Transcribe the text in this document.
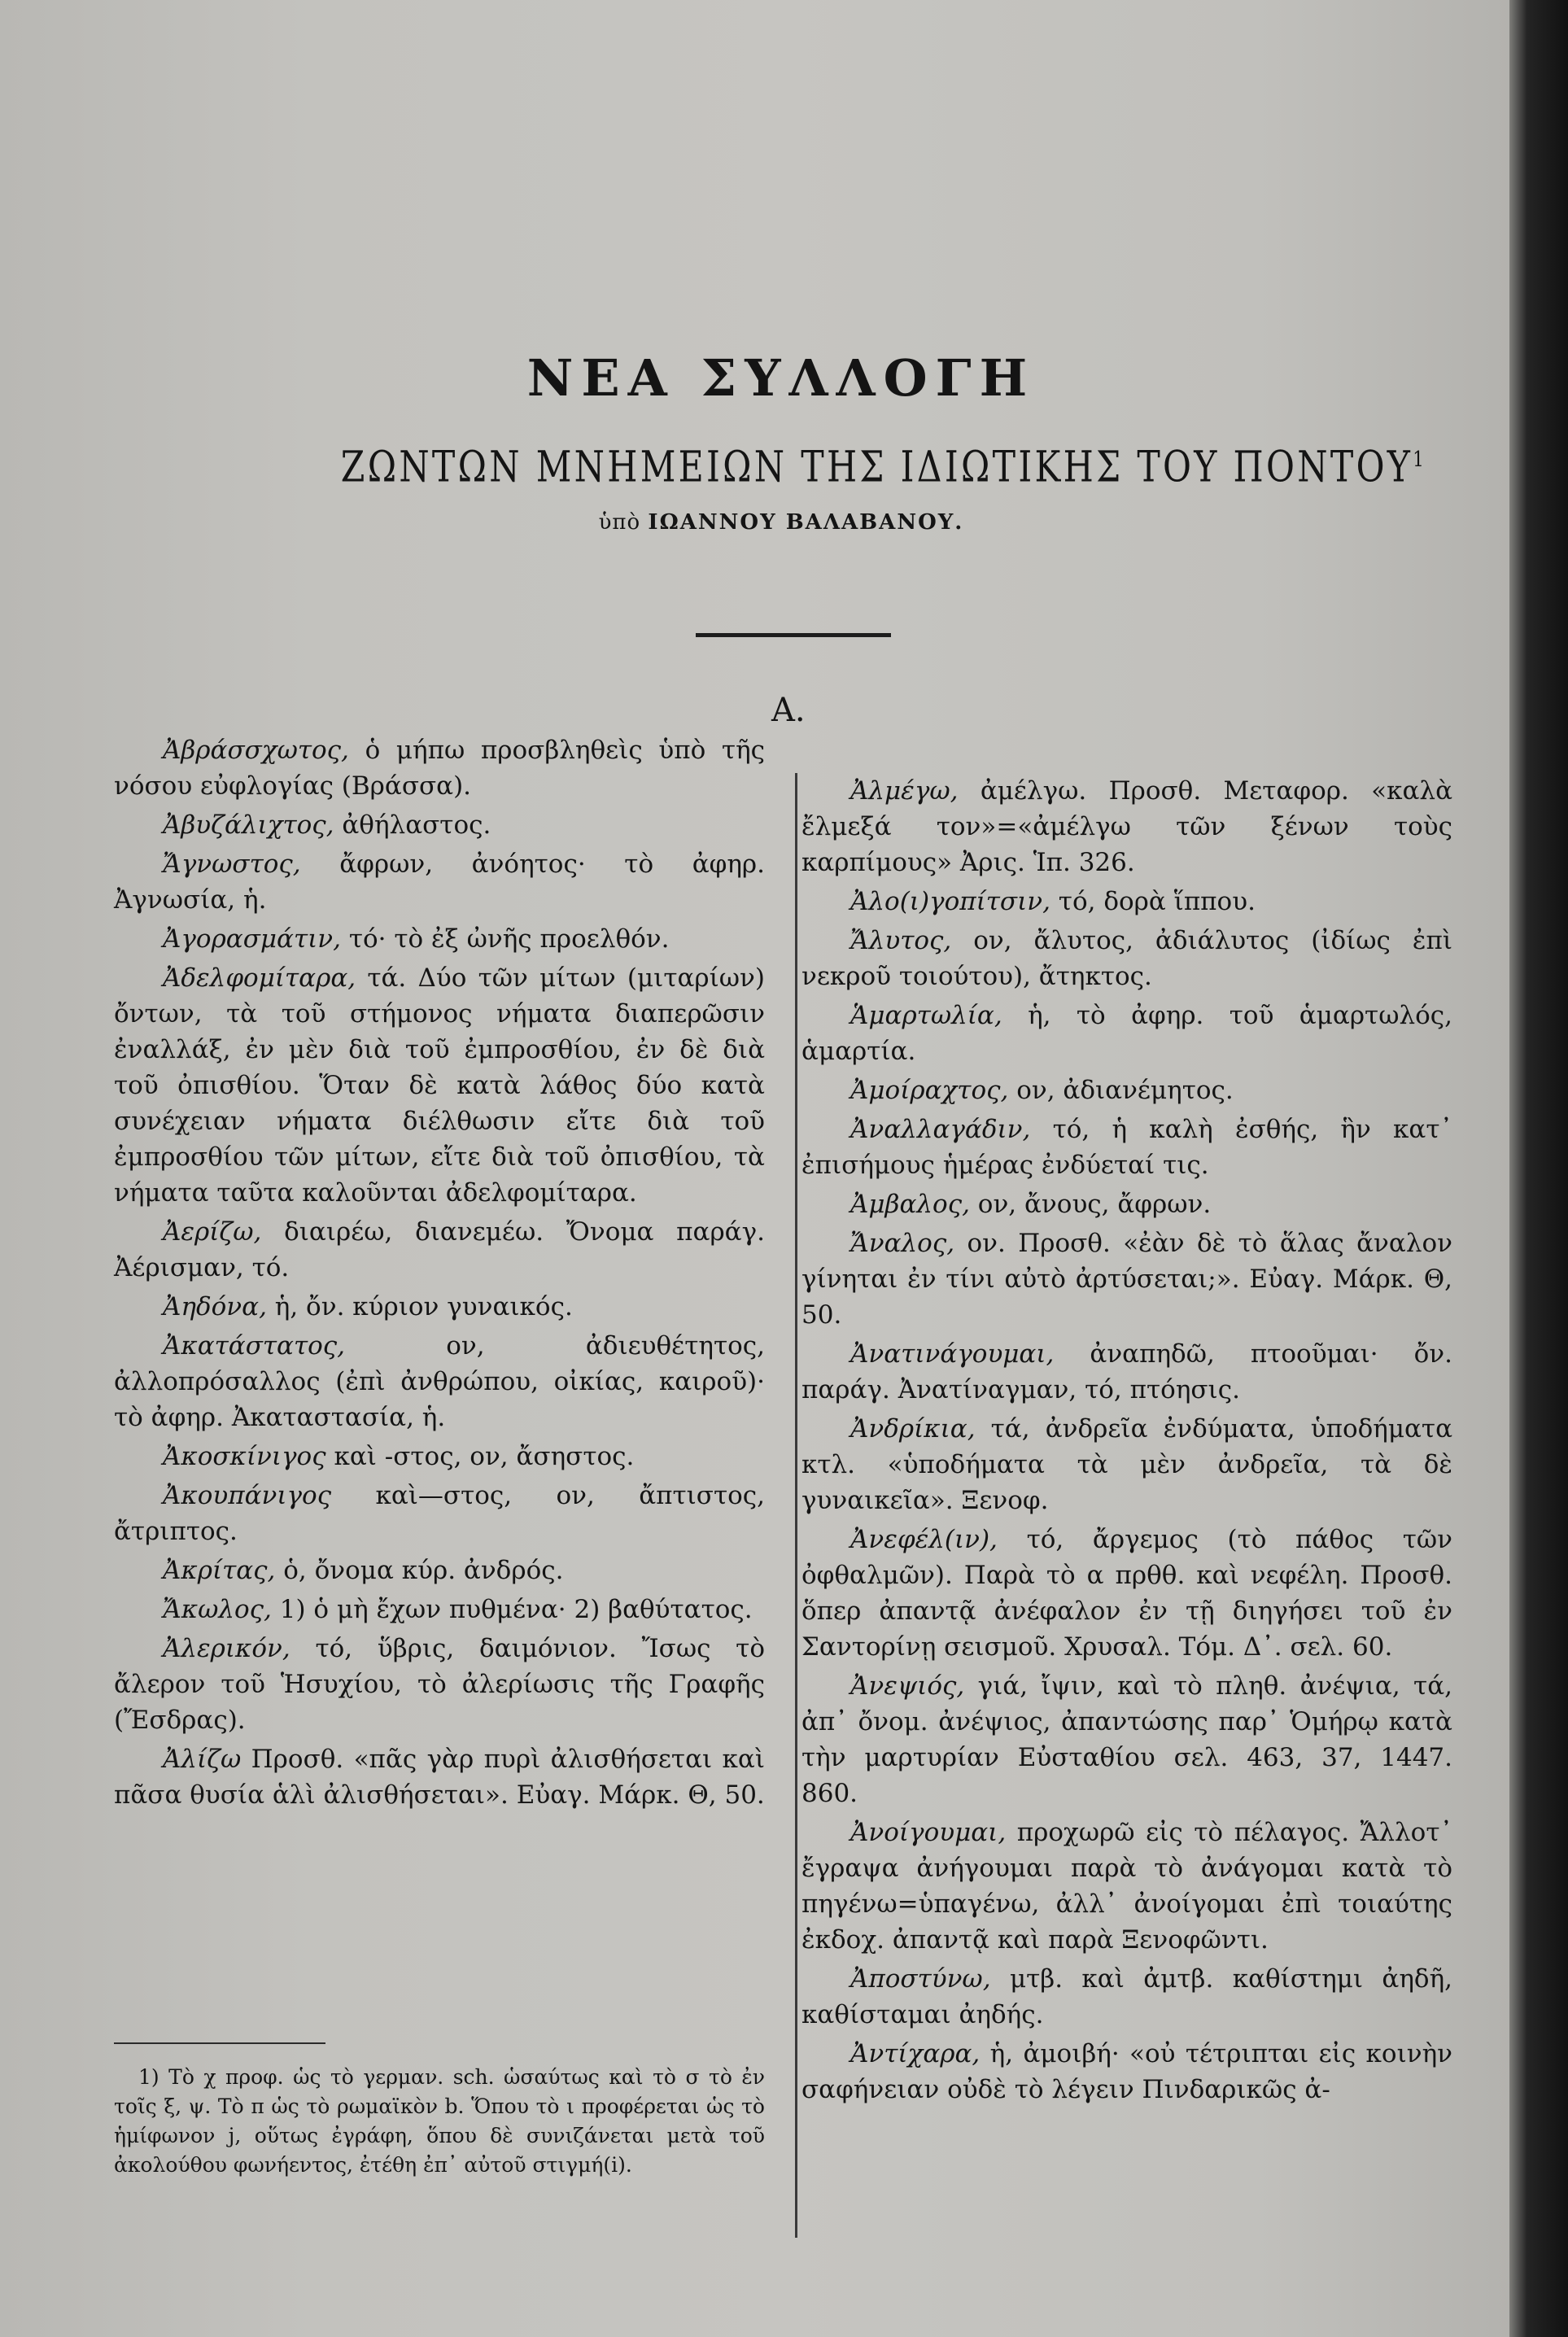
ΝΕΑ ΣΥΛΛΟΓΗ
ΖΩΝΤΩΝ ΜΝΗΜΕΙΩΝ ΤΗΣ ΙΔΙΩΤΙΚΗΣ ΤΟΥ ΠΟΝΤΟΥ$^1$
ὑπὸ ΙΩΑΝΝΟΥ ΒΑΛΑΒΑΝΟΥ.
Α.

Ἀβράσσχωτος, ὁ μήπω προσβληθεὶς ὑπὸ τῆς νόσου εὐφλογίας (Βράσσα).

Ἀβυζάλιχτος, ἀθήλαστος.

Ἄγνωστος, ἄφρων, ἀνόητος· τὸ ἀφηρ. Ἀγνωσία, ἡ.

Ἀγορασμάτιν, τό· τὸ ἐξ ὠνῆς προελθόν.

Ἀδελφομίταρα, τά. Δύο τῶν μίτων (μιταρίων) ὄντων, τὰ τοῦ στήμονος νήματα διαπερῶσιν ἐναλλάξ, ἐν μὲν διὰ τοῦ ἐμπροσθίου, ἐν δὲ διὰ τοῦ ὀπισθίου. Ὅταν δὲ κατὰ λάθος δύο κατὰ συνέχειαν νήματα διέλθωσιν εἴτε διὰ τοῦ ἐμπροσθίου τῶν μίτων, εἴτε διὰ τοῦ ὀπισθίου, τὰ νήματα ταῦτα καλοῦνται ἀδελφομίταρα.

Ἀερίζω, διαιρέω, διανεμέω. Ὄνομα παράγ. Ἀέρισμαν, τό.

Ἀηδόνα, ἡ, ὄν. κύριον γυναικός.

Ἀκατάστατος,	ον, ἀδιευθέτητος, ἀλλοπρόσαλλος (ἐπὶ ἀνθρώπου, οἰκίας, καιροῦ)· τὸ ἀφηρ. Ἀκαταστασία, ἡ.

Ἀκοσκίνιγος καὶ -στος, ον, ἄσηστος.

Ἀκουπάνιγος καὶ—στος, ον, ἄπτιστος, ἄτριπτος.

Ἀκρίτας, ὁ, ὄνομα κύρ. ἀνδρός.

Ἄκωλος, 1) ὁ μὴ ἔχων πυθμένα· 2) βαθύτατος.

Ἀλερικόν, τό, ὕβρις, δαιμόνιον. Ἴσως τὸ ἄλερον τοῦ Ἡσυχίου, τὸ ἀλερίωσις τῆς Γραφῆς (Ἔσδρας).

Ἀλίζω Προσθ. «πᾶς γὰρ πυρὶ ἀλισθήσεται καὶ πᾶσα θυσία ἁλὶ ἀλισθήσεται». Εὐαγ. Μάρκ. Θ, 50.

Ἀλμέγω, ἀμέλγω. Προσθ. Μεταφορ. «καλὰ ἔλμεξά τον»=«ἀμέλγω τῶν ξένων τοὺς καρπίμους» Ἀρις. Ἱπ. 326.

Ἀλο(ι)γοπίτσιν, τό, δορὰ ἵππου.

Ἄλυτος, ον, ἄλυτος, ἀδιάλυτος (ἰδίως ἐπὶ νεκροῦ τοιούτου), ἄτηκτος.

Ἁμαρτωλία, ἡ, τὸ ἀφηρ. τοῦ ἁμαρτωλός, ἁμαρτία.

Ἀμοίραχτος, ον, ἀδιανέμητος.

Ἀναλλαγάδιν, τό, ἡ καλὴ ἐσθής, ἣν κατ᾽ ἐπισήμους ἡμέρας ἐνδύεταί τις.

Ἀμβαλος, ον, ἄνους, ἄφρων.

Ἄναλος, ον. Προσθ. «ἐὰν δὲ τὸ ἅλας ἄναλον γίνηται ἐν τίνι αὐτὸ ἀρτύσεται;». Εὐαγ. Μάρκ. Θ, 50.

Ἀνατινάγουμαι, ἀναπηδῶ, πτοοῦμαι· ὄν. παράγ. Ἀνατίναγμαν, τό, πτόησις.

Ἀνδρίκια, τά, ἀνδρεῖα ἐνδύματα, ὑποδήματα κτλ. «ὑποδήματα τὰ μὲν ἀνδρεῖα, τὰ δὲ γυναικεῖα». Ξενοφ.

Ἀνεφέλ(ιν), τό, ἄργεμος (τὸ πάθος τῶν ὀφθαλμῶν). Παρὰ τὸ α πρθθ. καὶ νεφέλη. Προσθ. ὅπερ ἀπαντᾷ ἀνέφαλον ἐν τῇ διηγήσει τοῦ ἐν Σαντορίνῃ σεισμοῦ. Χρυσαλ. Τόμ. Δ᾽. σελ. 60.

Ἀνεψιός, γιά, ἴψιν, καὶ τὸ πληθ. ἀνέψια, τά, ἀπ᾽ ὄνομ. ἀνέψιος, ἀπαντώσης παρ᾽ Ὁμήρῳ κατὰ τὴν μαρτυρίαν Εὐσταθίου σελ. 463, 37, 1447. 860.

Ἀνοίγουμαι, προχωρῶ εἰς τὸ πέλαγος. Ἄλλοτ᾽ ἔγραψα ἀνήγουμαι παρὰ τὸ ἀνάγομαι κατὰ τὸ πηγένω=ὑπαγένω, ἀλλ᾽ ἀνοίγομαι ἐπὶ τοιαύτης ἐκδοχ. ἀπαντᾷ καὶ παρὰ Ξενοφῶντι.

Ἀποστύνω, μτβ. καὶ ἀμτβ. καθίστημι ἀηδῆ, καθίσταμαι ἀηδής.

Ἀντίχαρα, ἡ, ἀμοιβή· «οὐ τέτριπται εἰς κοινὴν σαφήνειαν οὐδὲ τὸ λέγειν Πινδαρικῶς ἀ-

1) Τὸ χ προφ. ὡς τὸ γερμαν. sch. ὡσαύτως καὶ τὸ σ τὸ ἐν τοῖς ξ, ψ. Τὸ π ὡς τὸ ρωμαϊκὸν b. Ὅπου τὸ ι προφέρεται ὡς τὸ ἡμίφωνον j, οὕτως ἐγράφη, ὅπου δὲ συνιζάνεται μετὰ τοῦ ἀκολούθου φωνήεντος, ἐτέθη ἐπ᾽ αὐτοῦ στιγμή(i).
